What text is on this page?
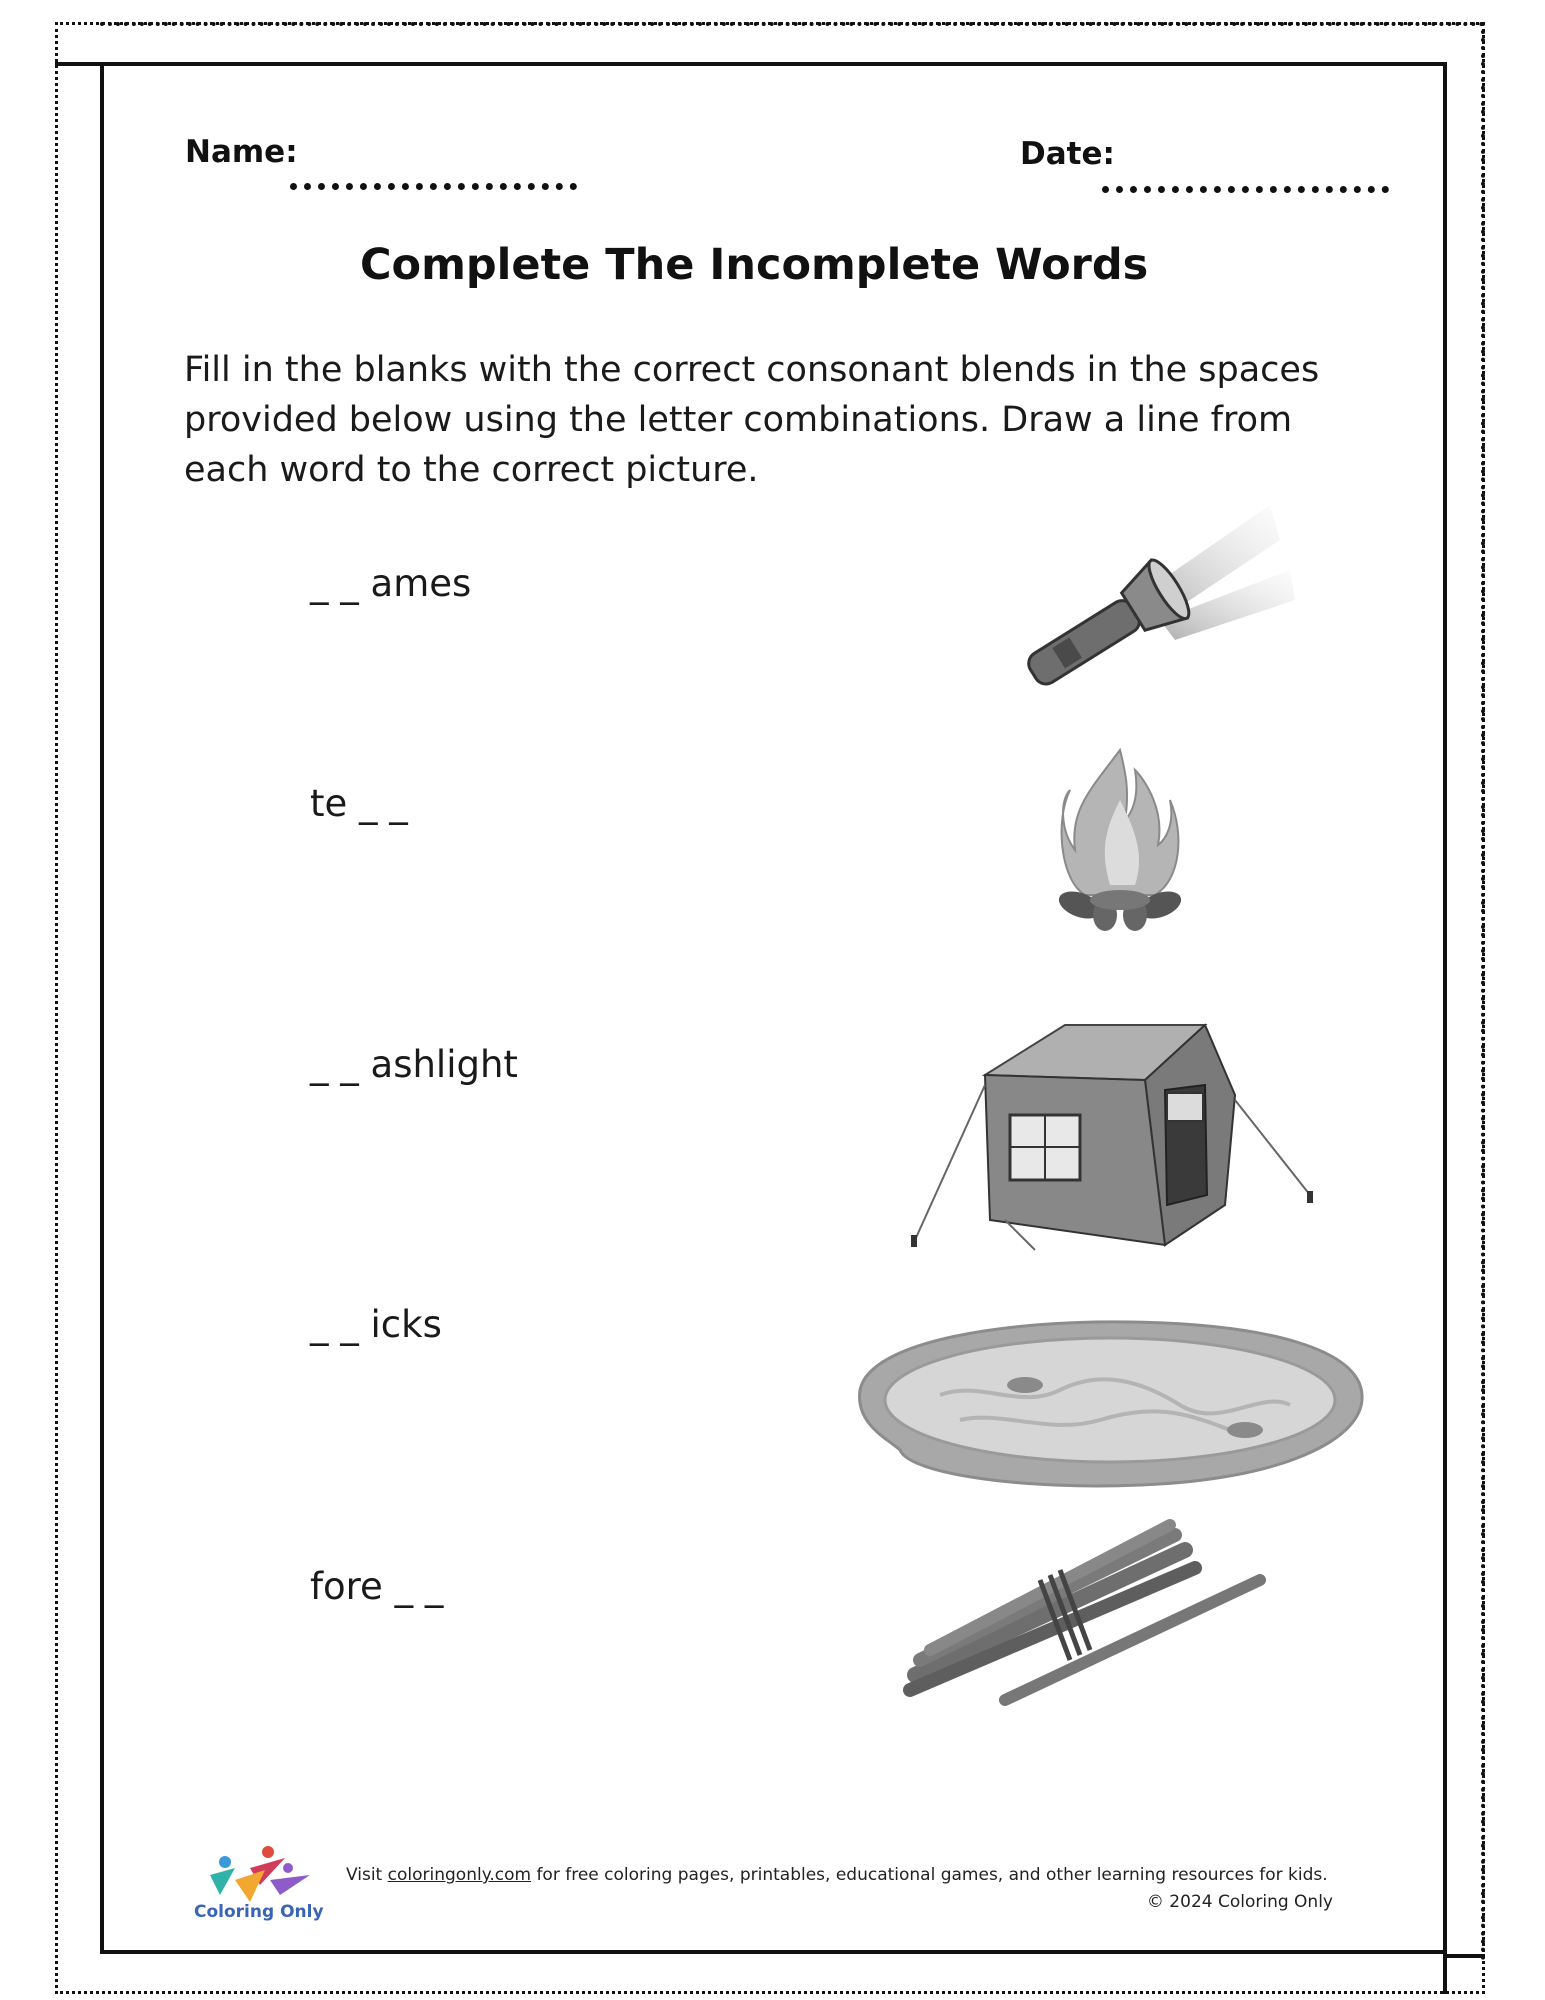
Name:	Date:
Complete The Incomplete Words
Fill in the blanks with the correct consonant blends in the spaces provided below using the letter combinations. Draw a line from each word to the correct picture.
_ _ ames
te _ _
_ _ ashlight
_ _ icks
fore _ _
Coloring Only
Visit coloringonly.com for free coloring pages, printables, educational games, and other learning resources for kids.
© 2024 Coloring Only
